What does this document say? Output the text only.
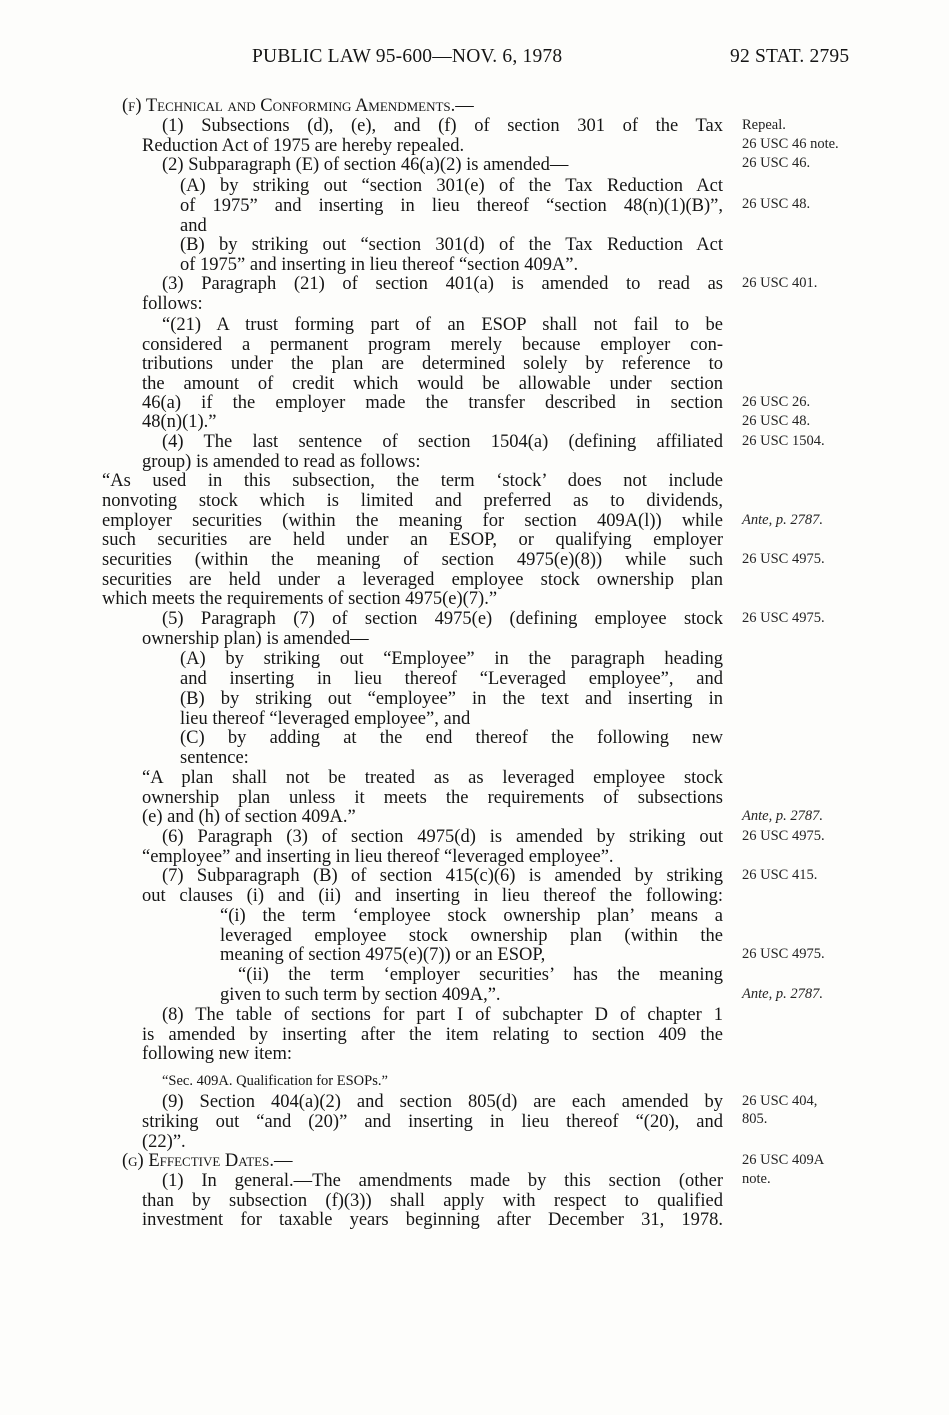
PUBLIC LAW 95-600—NOV. 6, 1978	92 STAT. 2795
(f) Technical and Conforming Amendments.—
(1) Subsections (d), (e), and (f) of section 301 of the Tax
Reduction Act of 1975 are hereby repealed.
(2) Subparagraph (E) of section 46(a)(2) is amended—
(A) by striking out “section 301(e) of the Tax Reduction Act
of 1975” and inserting in lieu thereof “section 48(n)(1)(B)”,
and
(B) by striking out “section 301(d) of the Tax Reduction Act
of 1975” and inserting in lieu thereof “section 409A”.
(3) Paragraph (21) of section 401(a) is amended to read as
follows:
“(21) A trust forming part of an ESOP shall not fail to be
considered a permanent program merely because employer con-
tributions under the plan are determined solely by reference to
the amount of credit which would be allowable under section
46(a) if the employer made the transfer described in section
48(n)(1).”
(4) The last sentence of section 1504(a) (defining affiliated
group) is amended to read as follows:
“As used in this subsection, the term ‘stock’ does not include
nonvoting stock which is limited and preferred as to dividends,
employer securities (within the meaning for section 409A(l)) while
such securities are held under an ESOP, or qualifying employer
securities (within the meaning of section 4975(e)(8)) while such
securities are held under a leveraged employee stock ownership plan
which meets the requirements of section 4975(e)(7).”
(5) Paragraph (7) of section 4975(e) (defining employee stock
ownership plan) is amended—
(A) by striking out “Employee” in the paragraph heading
and inserting in lieu thereof “Leveraged employee”, and
(B) by striking out “employee” in the text and inserting in
lieu thereof “leveraged employee”, and
(C) by adding at the end thereof the following new
sentence:
“A plan shall not be treated as as leveraged employee stock
ownership plan unless it meets the requirements of subsections
(e) and (h) of section 409A.”
(6) Paragraph (3) of section 4975(d) is amended by striking out
“employee” and inserting in lieu thereof “leveraged employee”.
(7) Subparagraph (B) of section 415(c)(6) is amended by striking
out clauses (i) and (ii) and inserting in lieu thereof the following:
“(i) the term ‘employee stock ownership plan’ means a
leveraged employee stock ownership plan (within the
meaning of section 4975(e)(7)) or an ESOP,
“(ii) the term ‘employer securities’ has the meaning
given to such term by section 409A,”.
(8) The table of sections for part I of subchapter D of chapter 1
is amended by inserting after the item relating to section 409 the
following new item:
“Sec. 409A. Qualification for ESOPs.”
(9) Section 404(a)(2) and section 805(d) are each amended by
striking out “and (20)” and inserting in lieu thereof “(20), and
(22)”.
(g) Effective Dates.—
(1) In general.—The amendments made by this section (other
than by subsection (f)(3)) shall apply with respect to qualified
investment for taxable years beginning after December 31, 1978.
Repeal.
26 USC 46 note.
26 USC 46.
26 USC 48.
26 USC 401.
26 USC 26.
26 USC 48.
26 USC 1504.
Ante, p. 2787.
26 USC 4975.
26 USC 4975.
Ante, p. 2787.
26 USC 4975.
26 USC 415.
26 USC 4975.
Ante, p. 2787.
26 USC 404,
805.
26 USC 409A
note.
